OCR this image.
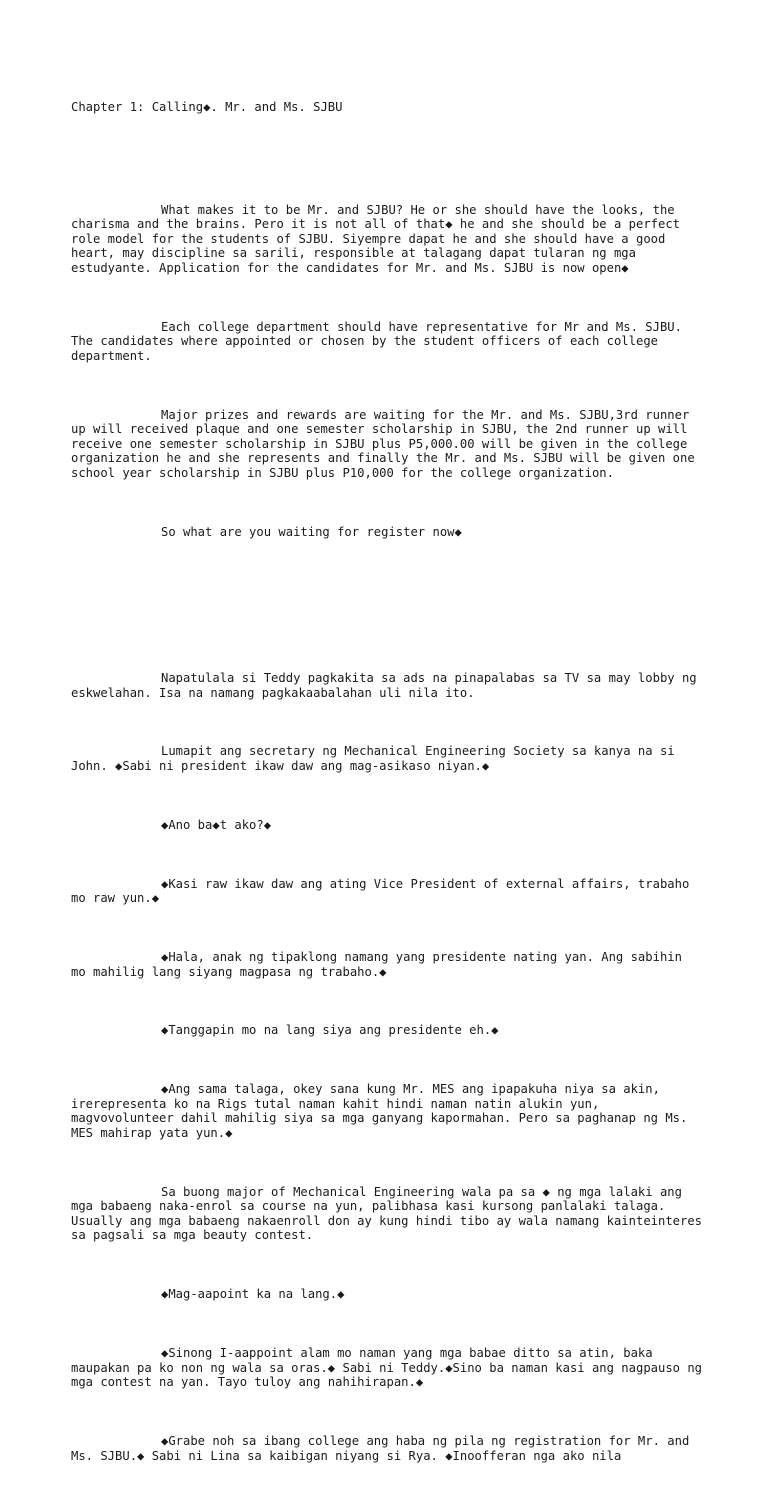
Chapter 1: Calling◆. Mr. and Ms. SJBU

What makes it to be Mr. and SJBU? He or she should have the looks, the charisma and the brains. Pero it is not all of that◆ he and she should be a perfect role model for the students of SJBU. Siyempre dapat he and she should have a good heart, may discipline sa sarili, responsible at talagang dapat tularan ng mga estudyante. Application for the candidates for Mr. and Ms. SJBU is now open◆

Each college department should have representative for Mr and Ms. SJBU. The candidates where appointed or chosen by the student officers of each college department.

Major prizes and rewards are waiting for the Mr. and Ms. SJBU,3rd runner up will received plaque and one semester scholarship in SJBU, the 2nd runner up will receive one semester scholarship in SJBU plus P5,000.00 will be given in the college organization he and she represents and finally the Mr. and Ms. SJBU will be given one school year scholarship in SJBU plus P10,000 for the college organization.

So what are you waiting for register now◆

Napatulala si Teddy pagkakita sa ads na pinapalabas sa TV sa may lobby ng eskwelahan. Isa na namang pagkakaabalahan uli nila ito.

Lumapit ang secretary ng Mechanical Engineering Society sa kanya na si John. ◆Sabi ni president ikaw daw ang mag-asikaso niyan.◆

◆Ano ba◆t ako?◆

◆Kasi raw ikaw daw ang ating Vice President of external affairs, trabaho mo raw yun.◆

◆Hala, anak ng tipaklong namang yang presidente nating yan. Ang sabihin mo mahilig lang siyang magpasa ng trabaho.◆

◆Tanggapin mo na lang siya ang presidente eh.◆

◆Ang sama talaga, okey sana kung Mr. MES ang ipapakuha niya sa akin, irerepresenta ko na Rigs tutal naman kahit hindi naman natin alukin yun, magvovolunteer dahil mahilig siya sa mga ganyang kapormahan. Pero sa paghanap ng Ms. MES mahirap yata yun.◆

Sa buong major of Mechanical Engineering wala pa sa ◆ ng mga lalaki ang mga babaeng naka-enrol sa course na yun, palibhasa kasi kursong panlalaki talaga. Usually ang mga babaeng nakaenroll don ay kung hindi tibo ay wala namang kainteinteres sa pagsali sa mga beauty contest.

◆Mag-aapoint ka na lang.◆

◆Sinong I-aappoint alam mo naman yang mga babae ditto sa atin, baka maupakan pa ko non ng wala sa oras.◆ Sabi ni Teddy.◆Sino ba naman kasi ang nagpauso ng mga contest na yan. Tayo tuloy ang nahihirapan.◆

◆Grabe noh sa ibang college ang haba ng pila ng registration for Mr. and Ms. SJBU.◆ Sabi ni Lina sa kaibigan niyang si Rya. ◆Inoofferan nga ako nila
